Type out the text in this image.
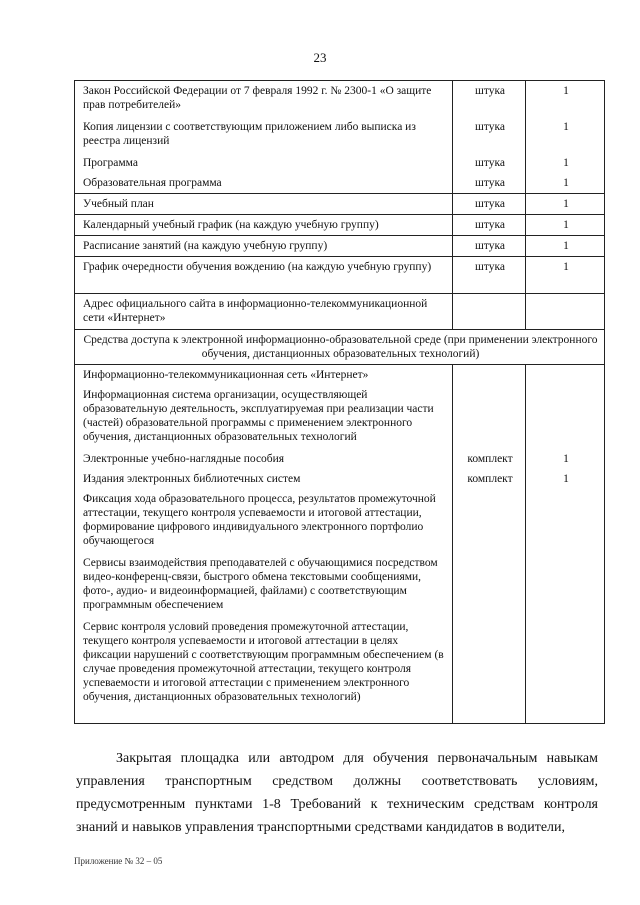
23
Закон Российской Федерации от 7 февраля 1992 г. № 2300-1 «О защите прав потребителей»	штука	1
Копия лицензии с соответствующим приложением либо выписка из реестра лицензий	штука	1
Программа	штука	1
Образовательная программа	штука	1
Учебный план	штука	1
Календарный учебный график (на каждую учебную группу)	штука	1
Расписание занятий (на каждую учебную группу)	штука	1
График очередности обучения вождению (на каждую учебную группу)	штука	1
Адрес официального сайта в информационно-телекоммуникационной сети «Интернет»		
Средства доступа к электронной информационно-образовательной среде (при применении электронного обучения, дистанционных образовательных технологий)		
Информационно-телекоммуникационная сеть «Интернет»		
Информационная система организации, осуществляющей образовательную деятельность, эксплуатируемая при реализации части (частей) образовательной программы с применением электронного обучения, дистанционных образовательных технологий		
Электронные учебно-наглядные пособия	комплект	1
Издания электронных библиотечных систем	комплект	1
Фиксация хода образовательного процесса, результатов промежуточной аттестации, текущего контроля успеваемости и итоговой аттестации, формирование цифрового индивидуального электронного портфолио обучающегося		
Сервисы взаимодействия преподавателей с обучающимися посредством видео-конференц-связи, быстрого обмена текстовыми сообщениями, фото-, аудио- и видеоинформацией, файлами) с соответствующим программным обеспечением		
Сервис контроля условий проведения промежуточной аттестации, текущего контроля успеваемости и итоговой аттестации в целях фиксации нарушений с соответствующим программным обеспечением (в случае проведения промежуточной аттестации, текущего контроля успеваемости и итоговой аттестации с применением электронного обучения, дистанционных образовательных технологий)		

Закрытая площадка или автодром для обучения первоначальным навыкам управления транспортным средством должны соответствовать условиям, предусмотренным пунктами 1-8 Требований к техническим средствам контроля знаний и навыков управления транспортными средствами кандидатов в водители,

Приложение № 32 – 05
